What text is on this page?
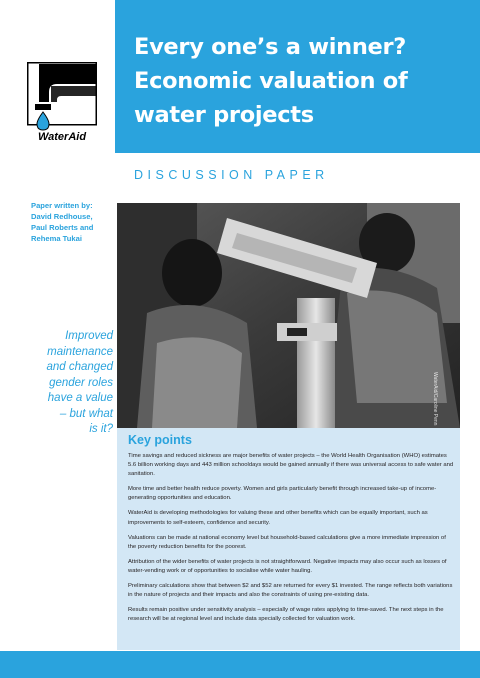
Every one’s a winner?
Economic valuation of
water projects
WaterAid
DISCUSSION PAPER
Paper written by:
David Redhouse,
Paul Roberts and
Rehema Tukai
WaterAid/Caroline Penn
Improved
maintenance
and changed
gender roles
have a value
– but what
is it?
Key points

Time savings and reduced sickness are major benefits of water projects – the World Health Organisation (WHO) estimates 5.6 billion working days and 443 million schooldays would be gained annually if there was universal access to safe water and sanitation.

More time and better health reduce poverty. Women and girls particularly benefit through increased take-up of income-generating opportunities and education.

WaterAid is developing methodologies for valuing these and other benefits which can be equally important, such as improvements to self-esteem, confidence and security.

Valuations can be made at national economy level but household-based calculations give a more immediate impression of the poverty reduction benefits for the poorest.

Attribution of the wider benefits of water projects is not straightforward. Negative impacts may also occur such as losses of water-vending work or of opportunities to socialise while water hauling.

Preliminary calculations show that between $2 and $52 are returned for every $1 invested. The range reflects both variations in the nature of projects and their impacts and also the constraints of using pre-existing data.

Results remain positive under sensitivity analysis – especially of wage rates applying to time-saved. The next steps in the research will be at regional level and include data specially collected for valuation work.
